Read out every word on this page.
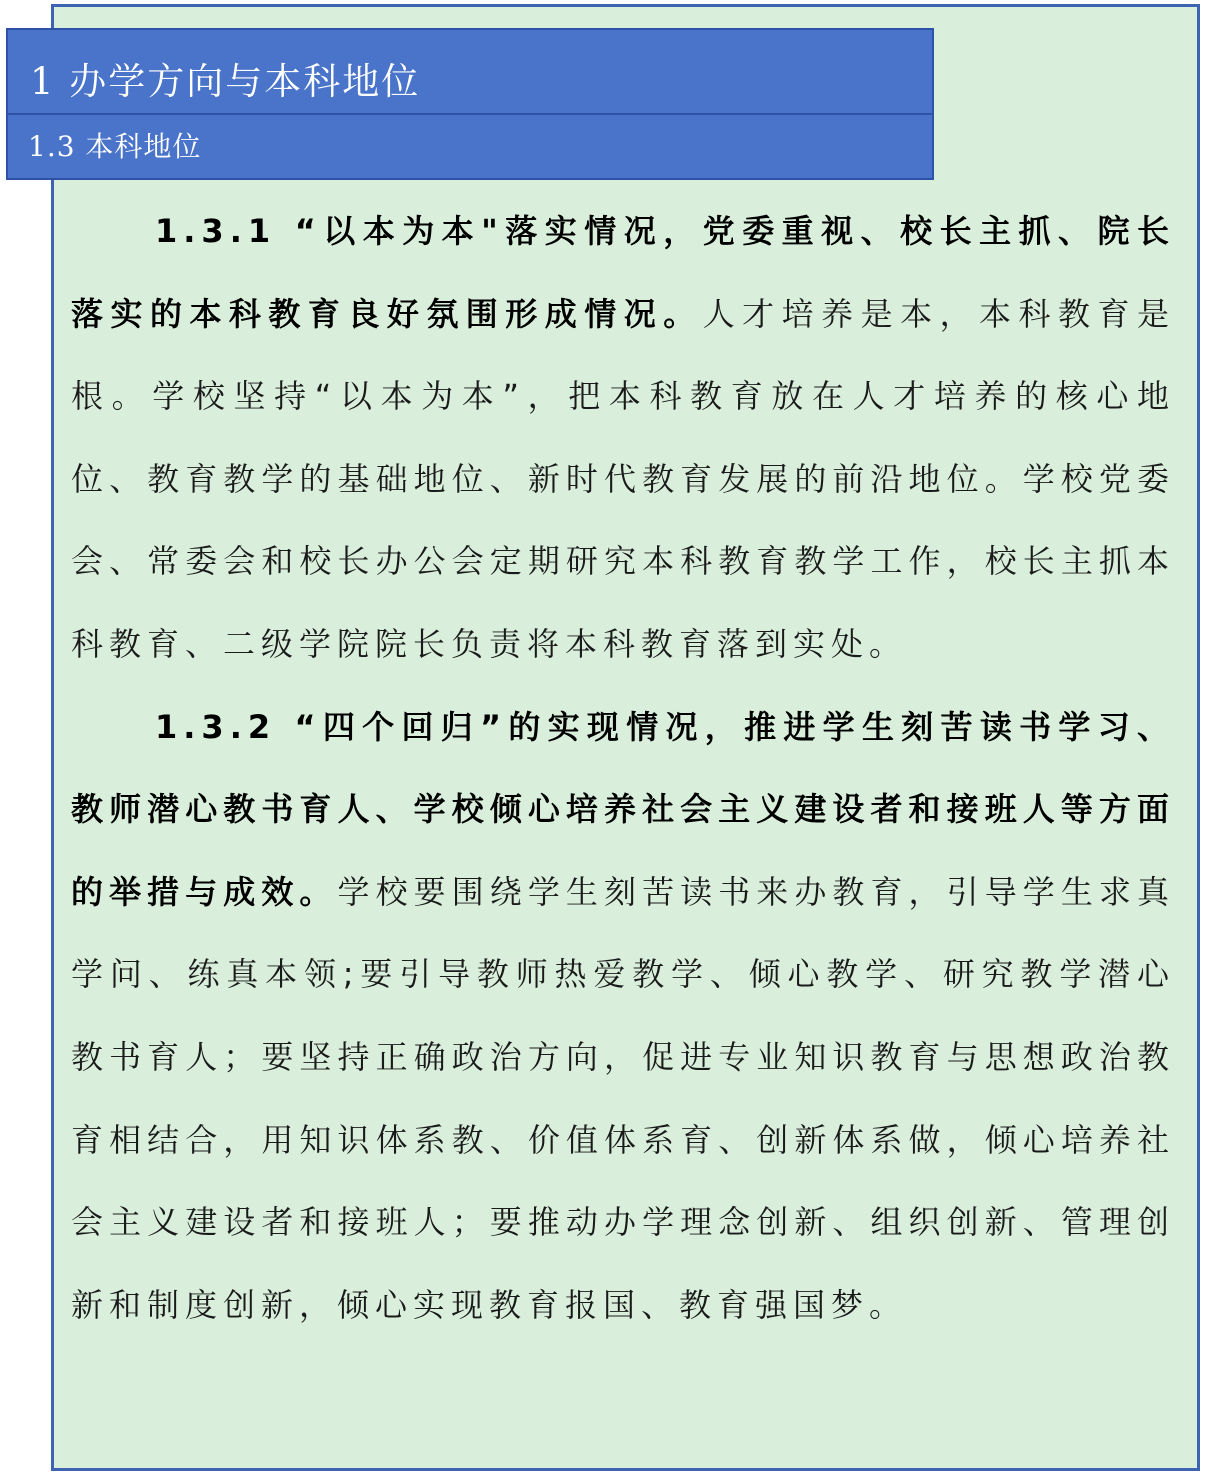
1 办学方向与本科地位
1.3 本科地位

1.3.1 “以本为本"落实情况，党委重视、校长主抓、院长落实的本科教育良好氛围形成情况。人才培养是本，本科教育是根。学校坚持“以本为本”，把本科教育放在人才培养的核心地位、教育教学的基础地位、新时代教育发展的前沿地位。学校党委会、常委会和校长办公会定期研究本科教育教学工作，校长主抓本科教育、二级学院院长负责将本科教育落到实处。

1.3.2 “四个回归”的实现情况，推进学生刻苦读书学习、教师潜心教书育人、学校倾心培养社会主义建设者和接班人等方面的举措与成效。学校要围绕学生刻苦读书来办教育，引导学生求真学问、练真本领;要引导教师热爱教学、倾心教学、研究教学潜心教书育人；要坚持正确政治方向，促进专业知识教育与思想政治教育相结合，用知识体系教、价值体系育、创新体系做，倾心培养社会主义建设者和接班人；要推动办学理念创新、组织创新、管理创新和制度创新，倾心实现教育报国、教育强国梦。
